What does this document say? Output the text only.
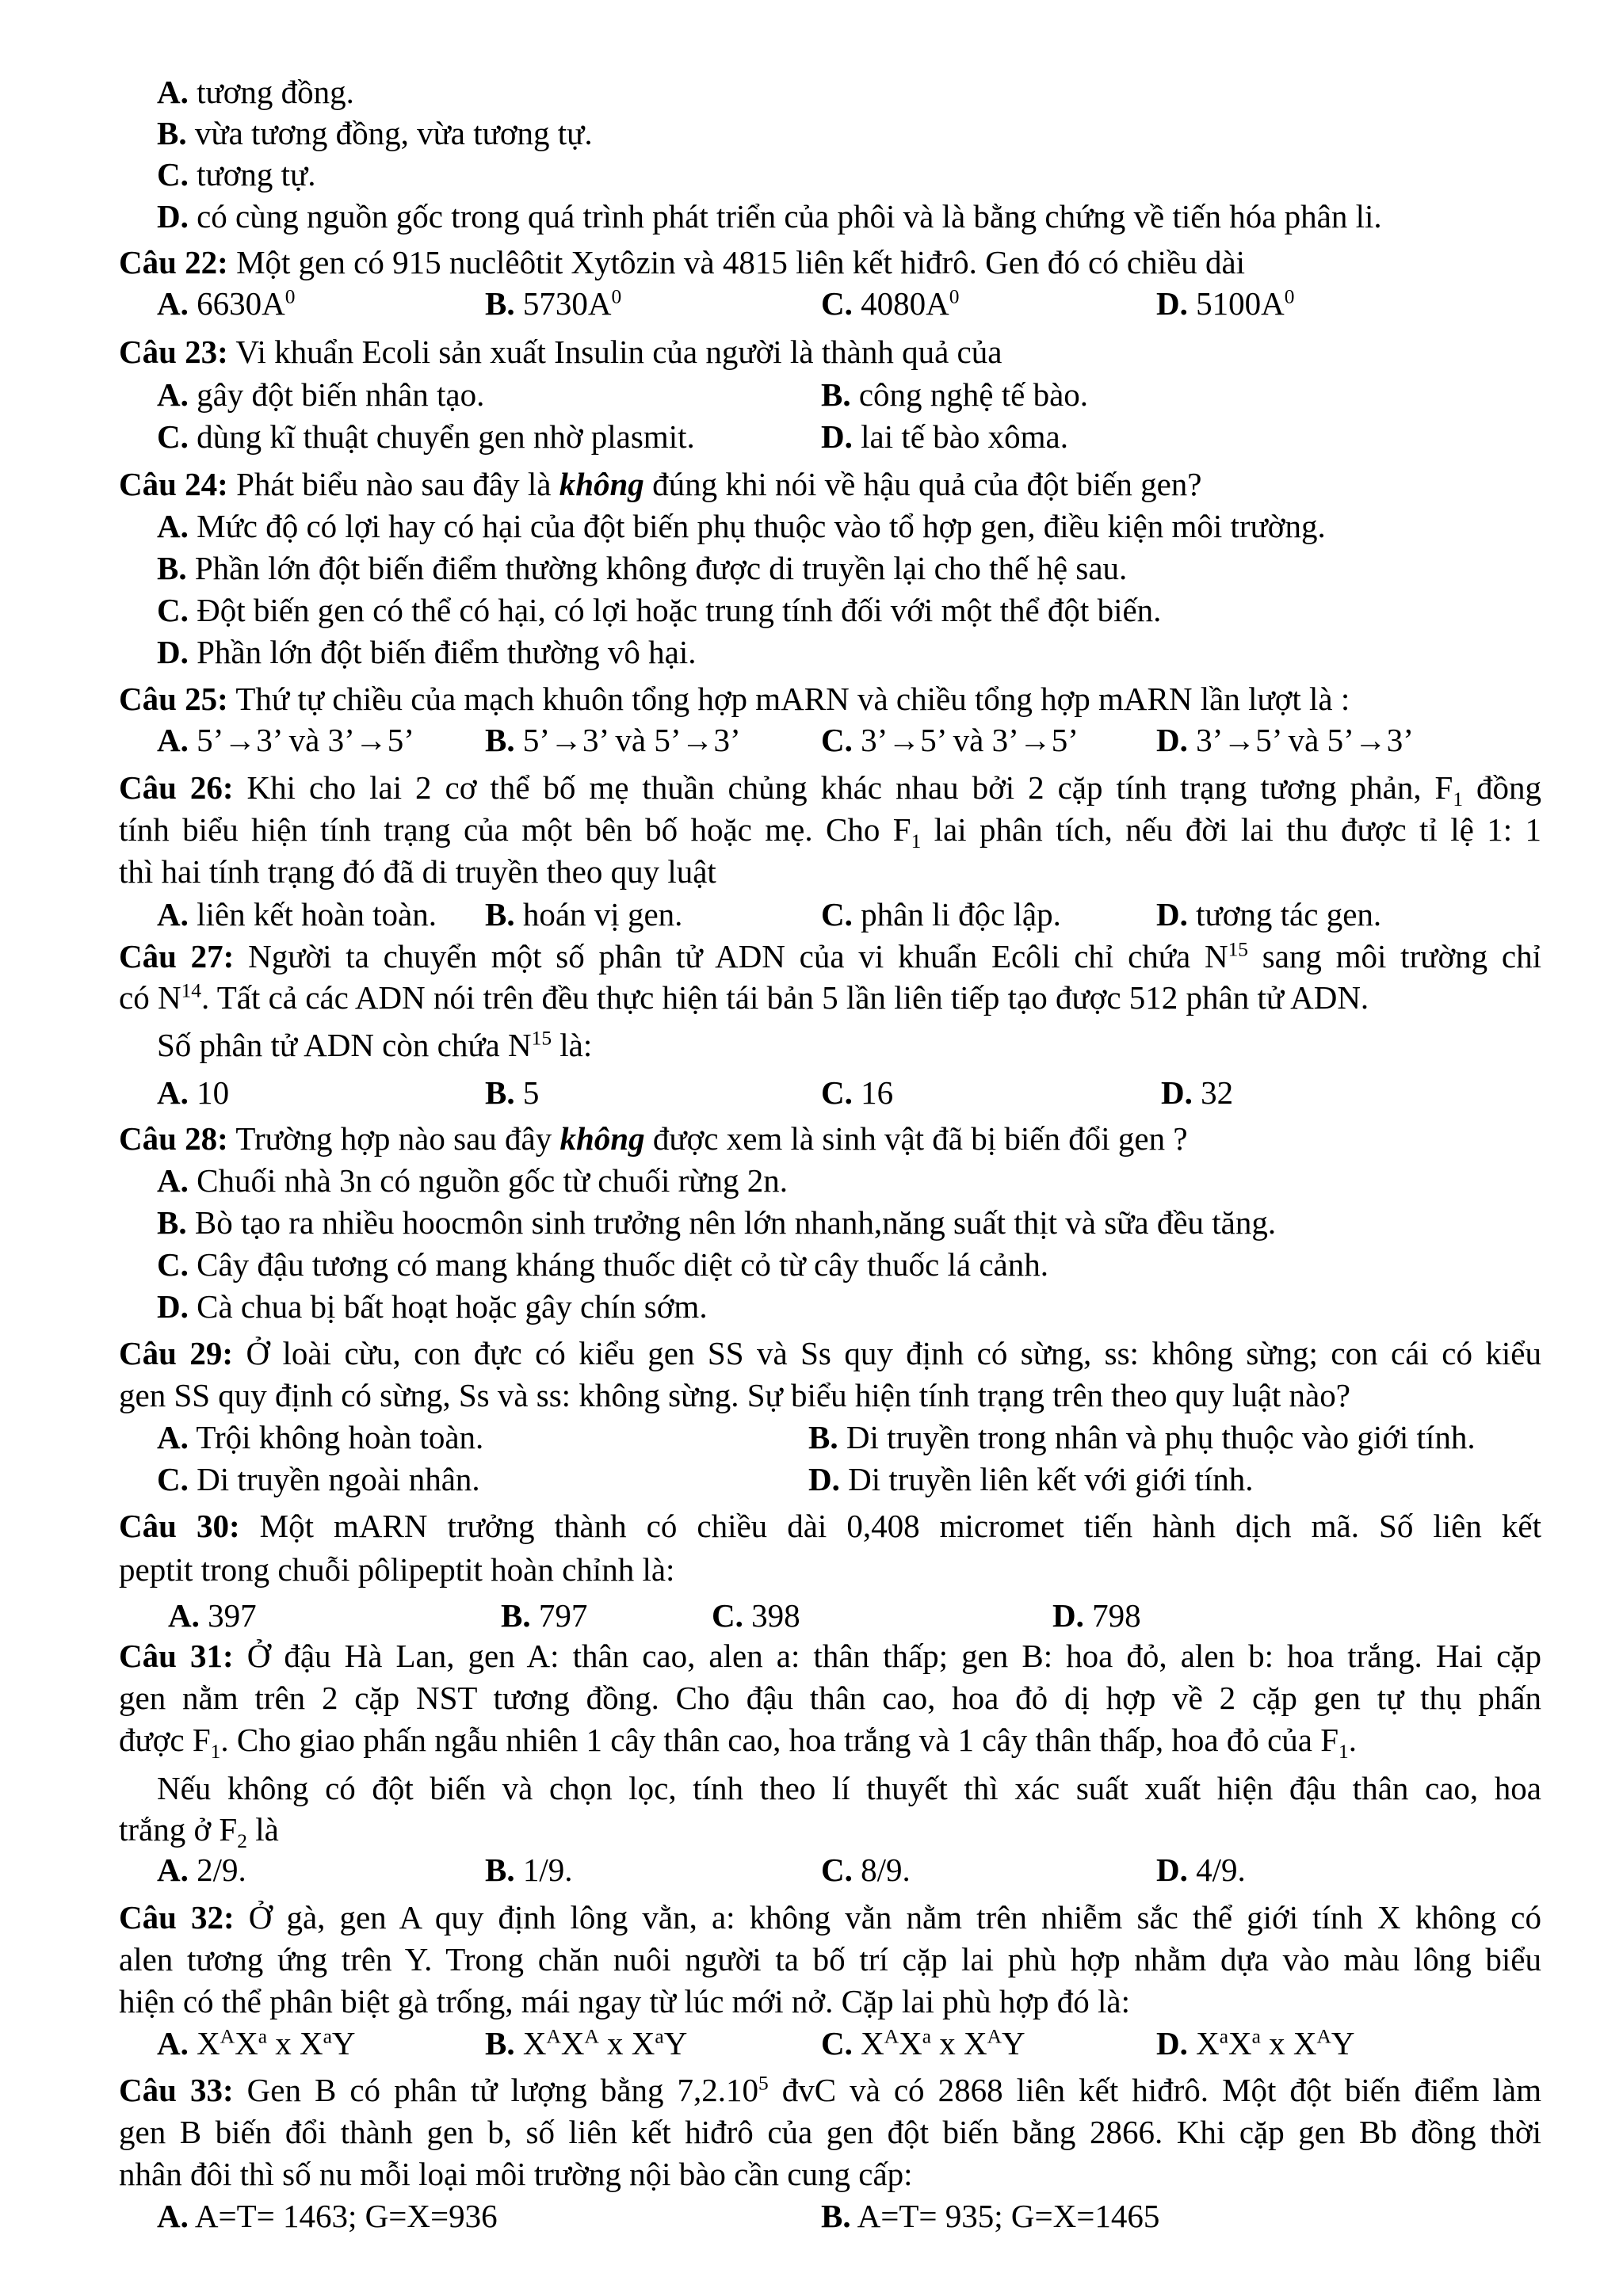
A. tương đồng.
B. vừa tương đồng, vừa tương tự.
C. tương tự.
D. có cùng nguồn gốc trong quá trình phát triển của phôi và là bằng chứng về tiến hóa phân li.
Câu 22: Một gen có 915 nuclêôtit Xytôzin và 4815 liên kết hiđrô. Gen đó có chiều dài
A. $6630A^0$	B. $5730A^0$	C. $4080A^0$	D. $5100A^0$
Câu 23: Vi khuẩn Ecoli sản xuất Insulin của người là thành quả của
A. gây đột biến nhân tạo.	B. công nghệ tế bào.
C. dùng kĩ thuật chuyển gen nhờ plasmit.	D. lai tế bào xôma.
Câu 24: Phát biểu nào sau đây là không đúng khi nói về hậu quả của đột biến gen?
A. Mức độ có lợi hay có hại của đột biến phụ thuộc vào tổ hợp gen, điều kiện môi trường.
B. Phần lớn đột biến điểm thường không được di truyền lại cho thế hệ sau.
C. Đột biến gen có thể có hại, có lợi hoặc trung tính đối với một thể đột biến.
D. Phần lớn đột biến điểm thường vô hại.
Câu 25: Thứ tự chiều của mạch khuôn tổng hợp mARN và chiều tổng hợp mARN lần lượt là :
A. 5’→3’ và 3’→5’ B. 5’→3’ và 5’→3’ C. 3’→5’ và 3’→5’ D. 3’→5’ và 5’→3’
Câu 26: Khi cho lai 2 cơ thể bố mẹ thuần chủng khác nhau bởi 2 cặp tính trạng tương phản, $F_1$ đồng
tính biểu hiện tính trạng của một bên bố hoặc mẹ. Cho $F_1$ lai phân tích, nếu đời lai thu được tỉ lệ 1: 1
thì hai tính trạng đó đã di truyền theo quy luật
A. liên kết hoàn toàn. B. hoán vị gen.	C. phân li độc lập.	D. tương tác gen.
Câu 27: Người ta chuyển một số phân tử ADN của vi khuẩn Ecôli chỉ chứa $N^{15}$ sang môi trường chỉ
có $N^{14}$. Tất cả các ADN nói trên đều thực hiện tái bản 5 lần liên tiếp tạo được 512 phân tử ADN.
Số phân tử ADN còn chứa $N^{15}$ là:
A. 10	B. 5	C. 16	D. 32
Câu 28: Trường hợp nào sau đây không được xem là sinh vật đã bị biến đổi gen ?
A. Chuối nhà 3n có nguồn gốc từ chuối rừng 2n.
B. Bò tạo ra nhiều hoocmôn sinh trưởng nên lớn nhanh,năng suất thịt và sữa đều tăng.
C. Cây đậu tương có mang kháng thuốc diệt cỏ từ cây thuốc lá cảnh.
D. Cà chua bị bất hoạt hoặc gây chín sớm.
Câu 29: Ở loài cừu, con đực có kiểu gen SS và Ss quy định có sừng, ss: không sừng; con cái có kiểu
gen SS quy định có sừng, Ss và ss: không sừng. Sự biểu hiện tính trạng trên theo quy luật nào?
A. Trội không hoàn toàn.	B. Di truyền trong nhân và phụ thuộc vào giới tính.
C. Di truyền ngoài nhân.	D. Di truyền liên kết với giới tính.
Câu 30: Một mARN trưởng thành có chiều dài 0,408 micromet tiến hành dịch mã. Số liên kết
peptit trong chuỗi pôlipeptit hoàn chỉnh là:
A. 397	B. 797	C. 398	D. 798
Câu 31: Ở đậu Hà Lan, gen A: thân cao, alen a: thân thấp; gen B: hoa đỏ, alen b: hoa trắng. Hai cặp
gen nằm trên 2 cặp NST tương đồng. Cho đậu thân cao, hoa đỏ dị hợp về 2 cặp gen tự thụ phấn
được $F_1$. Cho giao phấn ngẫu nhiên 1 cây thân cao, hoa trắng và 1 cây thân thấp, hoa đỏ của $F_1$.
Nếu không có đột biến và chọn lọc, tính theo lí thuyết thì xác suất xuất hiện đậu thân cao, hoa
trắng ở $F_2$ là
A. 2/9.	B. 1/9.	C. 8/9.	D. 4/9.
Câu 32: Ở gà, gen A quy định lông vằn, a: không vằn nằm trên nhiễm sắc thể giới tính X không có
alen tương ứng trên Y. Trong chăn nuôi người ta bố trí cặp lai phù hợp nhằm dựa vào màu lông biểu
hiện có thể phân biệt gà trống, mái ngay từ lúc mới nở. Cặp lai phù hợp đó là:
A. $X^AX^a$ x $X^aY$	B. $X^AX^A$ x $X^aY$	C. $X^AX^a$ x $X^AY$	D. $X^aX^a$ x $X^AY$
Câu 33: Gen B có phân tử lượng bằng 7,2.10$^5$ đvC và có 2868 liên kết hiđrô. Một đột biến điểm làm
gen B biến đổi thành gen b, số liên kết hiđrô của gen đột biến bằng 2866. Khi cặp gen Bb đồng thời
nhân đôi thì số nu mỗi loại môi trường nội bào cần cung cấp:
A. A=T= 1463; G=X=936	B. A=T= 935; G=X=1465
